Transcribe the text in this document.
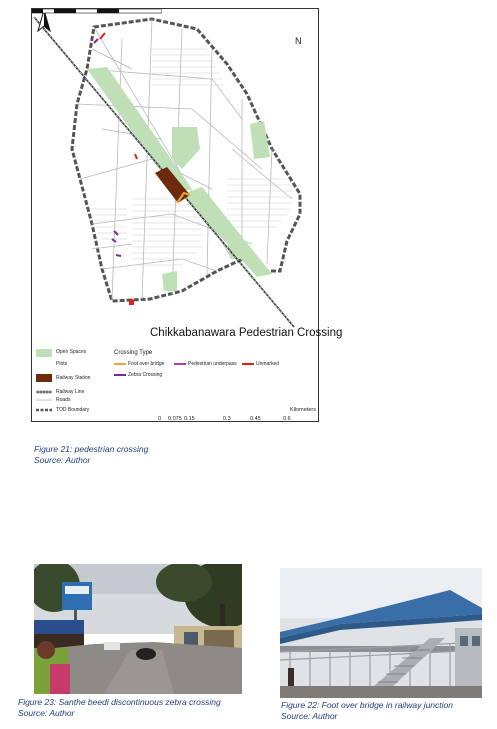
N
Chikkabanawara Pedestrian Crossing
Open Spaces
Plots
Railway Station
Railway Line
Roads
TOD Boundary
Crossing Type
Foot over bridge	Pedestrian underpass	Unmarked
Zebra Crossing
Kilometers
0 0.075 0.15	0.3	0.45	0.6
Figure 21: pedestrian crossing
Source: Author
Figure 23: Santhe beedi discontinuous zebra crossing
Source: Author
Figure 22: Foot over bridge in railway junction
Source: Author
